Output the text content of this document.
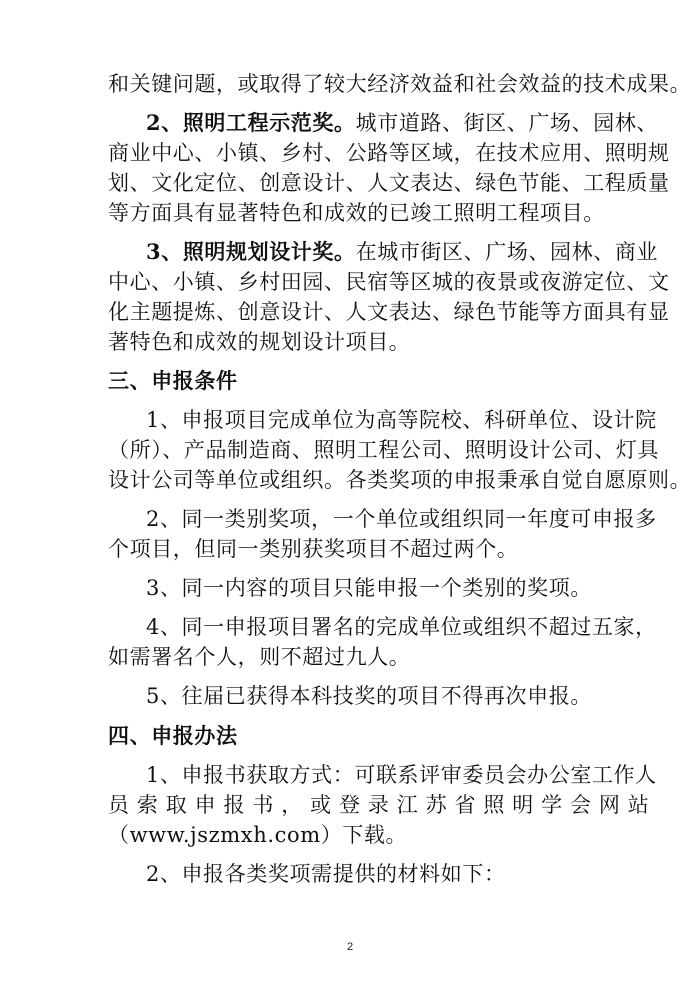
和关键问题，或取得了较大经济效益和社会效益的技术成果。
2、照明工程示范奖。城市道路、街区、广场、园林、
商业中心、小镇、乡村、公路等区域，在技术应用、照明规
划、文化定位、创意设计、人文表达、绿色节能、工程质量
等方面具有显著特色和成效的已竣工照明工程项目。
3、照明规划设计奖。在城市街区、广场、园林、商业
中心、小镇、乡村田园、民宿等区城的夜景或夜游定位、文
化主题提炼、创意设计、人文表达、绿色节能等方面具有显
著特色和成效的规划设计项目。
三、申报条件
1、申报项目完成单位为高等院校、科研单位、设计院
（所）、产品制造商、照明工程公司、照明设计公司、灯具
设计公司等单位或组织。各类奖项的申报秉承自觉自愿原则。
2、同一类别奖项，一个单位或组织同一年度可申报多
个项目，但同一类别获奖项目不超过两个。
3、同一内容的项目只能申报一个类别的奖项。
4、同一申报项目署名的完成单位或组织不超过五家，
如需署名个人，则不超过九人。
5、往届已获得本科技奖的项目不得再次申报。
四、申报办法
1、申报书获取方式：可联系评审委员会办公室工作人
员 索 取 申 报 书 ， 或 登 录 江 苏 省 照 明 学 会 网 站
2
（www.jszmxh.com）下载。
2、申报各类奖项需提供的材料如下：
